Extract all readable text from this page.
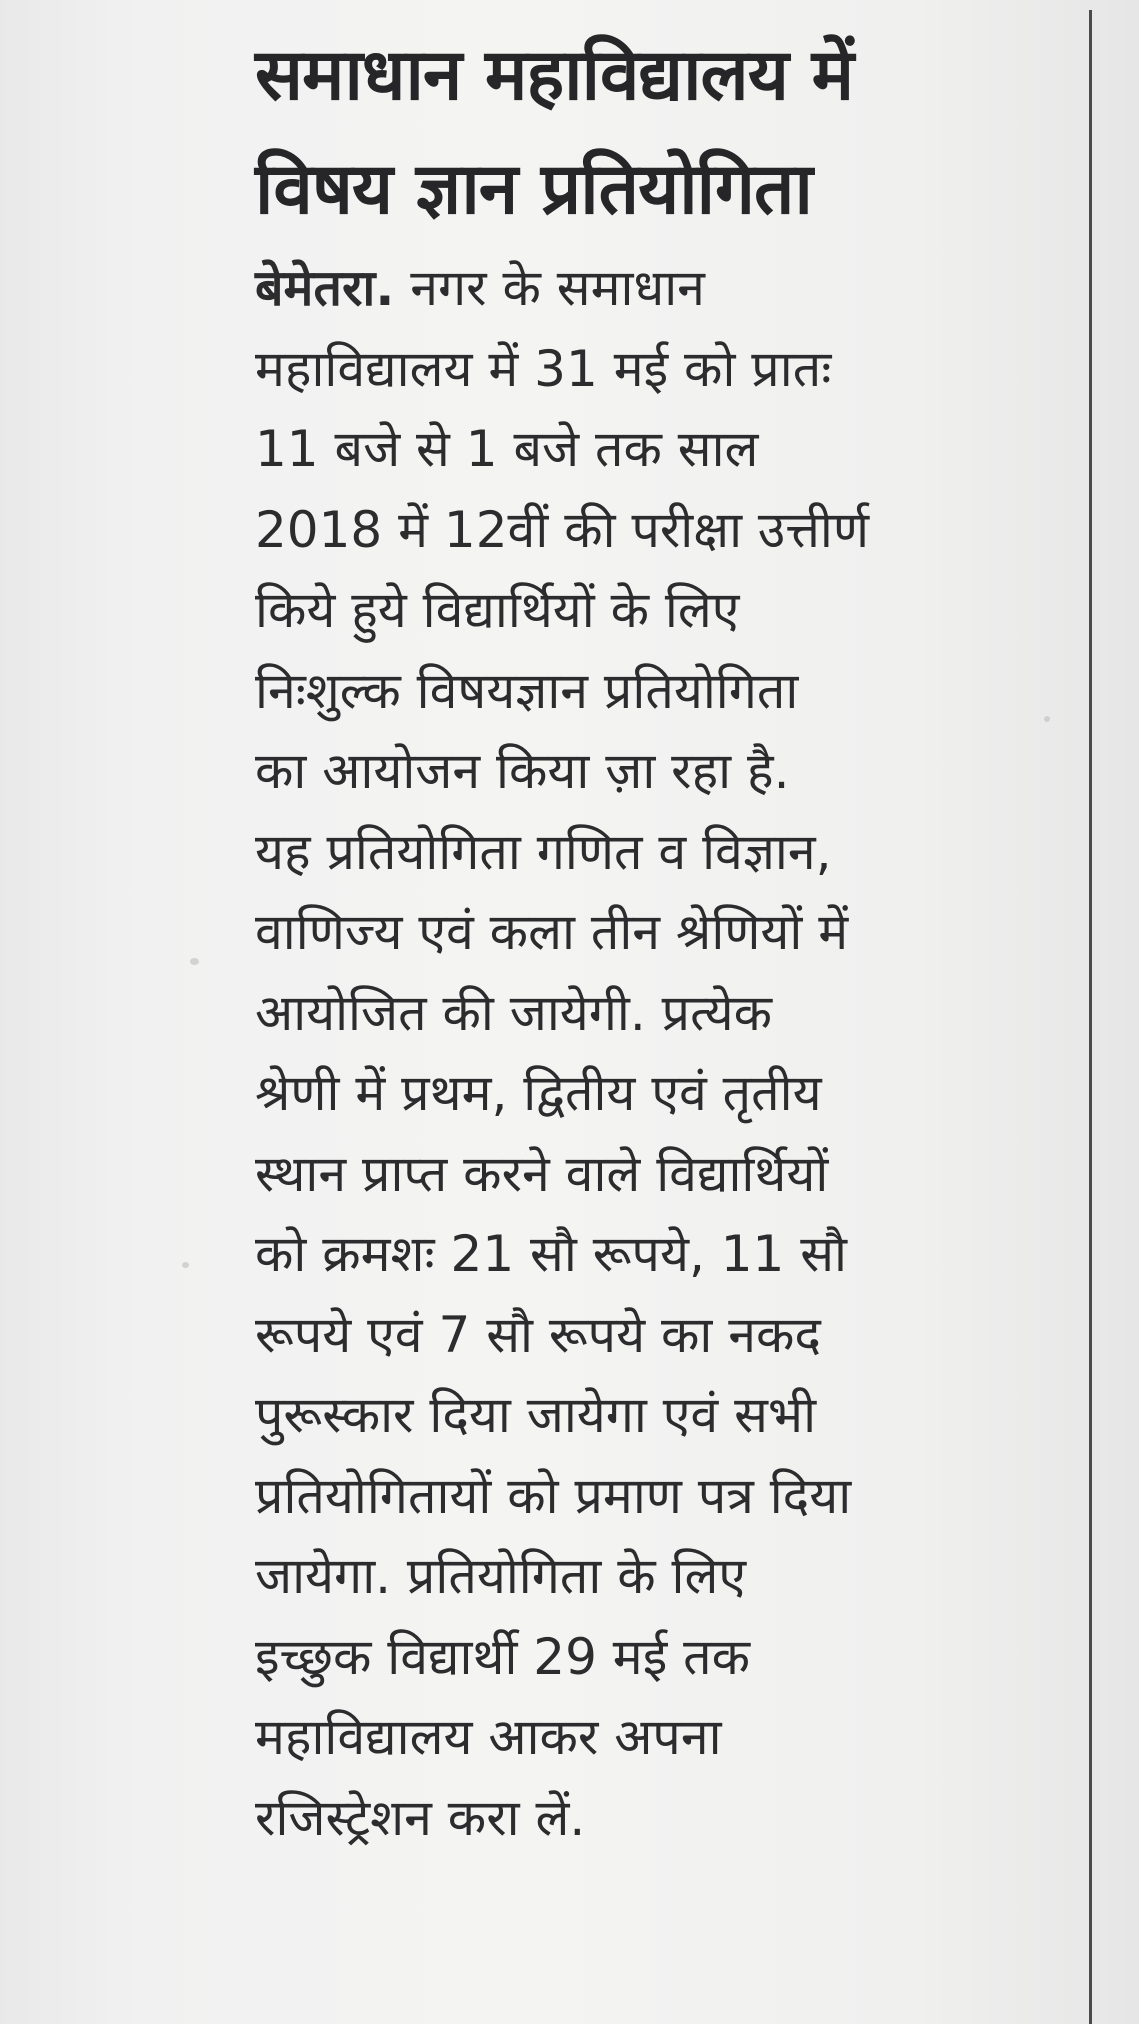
समाधान महाविद्यालय में
विषय ज्ञान प्रतियोगिता

बेमेतरा. नगर के समाधान
महाविद्यालय में 31 मई को प्रातः
11 बजे से 1 बजे तक साल
2018 में 12वीं की परीक्षा उत्तीर्ण
किये हुये विद्यार्थियों के लिए
निःशुल्क विषयज्ञान प्रतियोगिता
का आयोजन किया ज़ा रहा है.
यह प्रतियोगिता गणित व विज्ञान,
वाणिज्य एवं कला तीन श्रेणियों में
आयोजित की जायेगी. प्रत्येक
श्रेणी में प्रथम, द्वितीय एवं तृतीय
स्थान प्राप्त करने वाले विद्यार्थियों
को क्रमशः 21 सौ रूपये, 11 सौ
रूपये एवं 7 सौ रूपये का नकद
पुरूस्कार दिया जायेगा एवं सभी
प्रतियोगितायों को प्रमाण पत्र दिया
जायेगा. प्रतियोगिता के लिए
इच्छुक विद्यार्थी 29 मई तक
महाविद्यालय आकर अपना
रजिस्ट्रेशन करा लें.
